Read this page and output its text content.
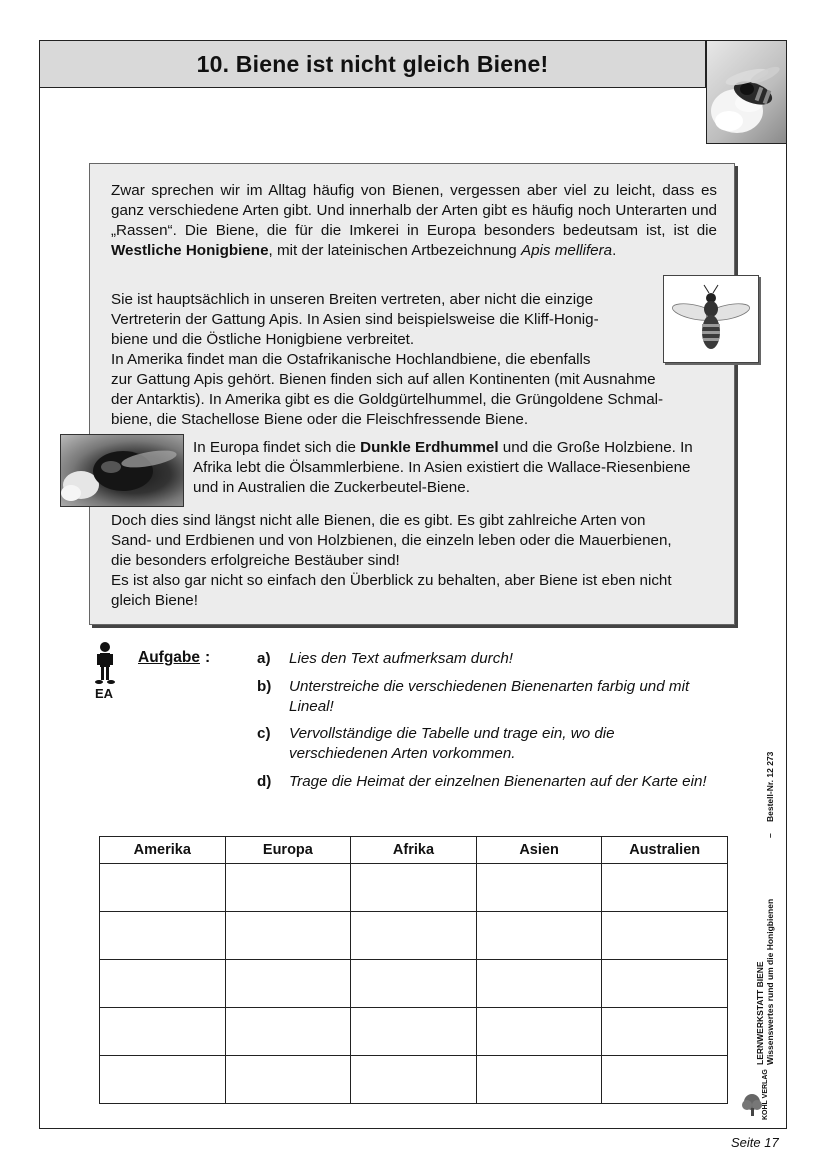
10. Biene ist nicht gleich Biene!
Zwar sprechen wir im Alltag häufig von Bienen, vergessen aber viel zu leicht, dass es ganz verschiedene Arten gibt. Und innerhalb der Arten gibt es häufig noch Unterarten und „Rassen“. Die Biene, die für die Imkerei in Europa besonders bedeutsam ist, ist die Westliche Honigbiene, mit der lateinischen Artbezeichnung Apis mellifera.
Sie ist hauptsächlich in unseren Breiten vertreten, aber nicht die einzige
Vertreterin der Gattung Apis. In Asien sind beispielsweise die Kliff-Honig-
biene und die Östliche Honigbiene verbreitet.
In Amerika findet man die Ostafrikanische Hochlandbiene, die ebenfalls
zur Gattung Apis gehört. Bienen finden sich auf allen Kontinenten (mit Ausnahme
der Antarktis). In Amerika gibt es die Goldgürtelhummel, die Grüngoldene Schmal-
biene, die Stachellose Biene oder die Fleischfressende Biene.
In Europa findet sich die Dunkle Erdhummel und die Große Holzbiene. In Afrika lebt die Ölsammlerbiene. In Asien existiert die Wallace-Riesenbiene und in Australien die Zuckerbeutel-Biene.
Doch dies sind längst nicht alle Bienen, die es gibt. Es gibt zahlreiche Arten von
Sand- und Erdbienen und von Holzbienen, die einzeln leben oder die Mauerbienen,
die besonders erfolgreiche Bestäuber sind!
Es ist also gar nicht so einfach den Überblick zu behalten, aber Biene ist eben nicht
gleich Biene!
EA
Aufgabe :	a) Lies den Text aufmerksam durch!
b) Unterstreiche die verschiedenen Bienenarten farbig und mit Lineal!
c) Vervollständige die Tabelle und trage ein, wo die verschiedenen Arten vorkommen.
d) Trage die Heimat der einzelnen Bienenarten auf der Karte ein!
Amerika	Europa	Afrika	Asien	Australien

LERNWERKSTATT BIENE Wissenswertes rund um die Honigbienen
–
Bestell-Nr. 12 273
KOHL VERLAG
Seite 17
